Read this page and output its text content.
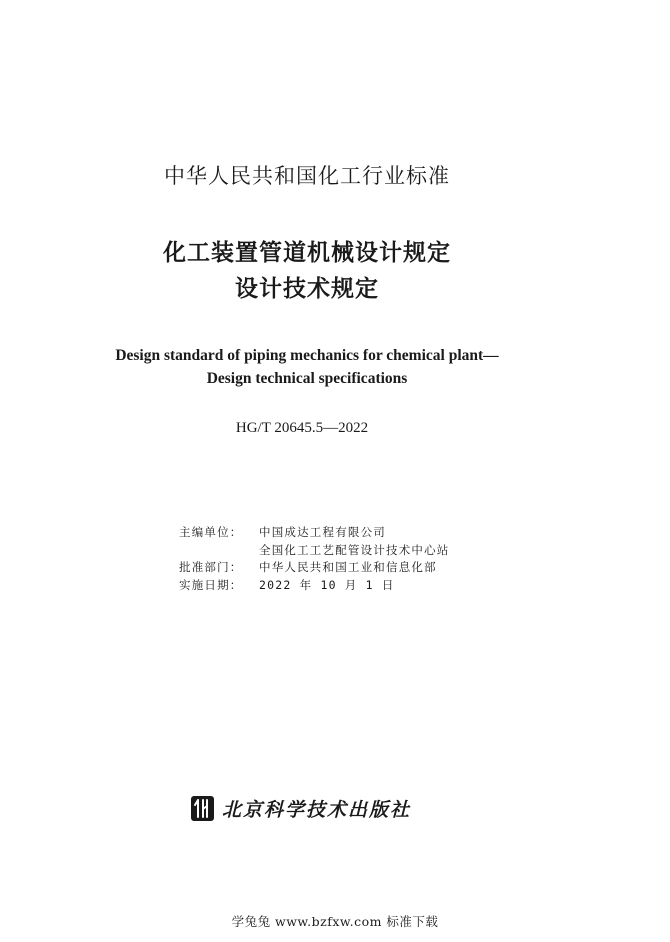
中华人民共和国化工行业标准
化工装置管道机械设计规定
设计技术规定
Design standard of piping mechanics for chemical plant—
Design technical specifications
HG/T 20645.5—2022
主编单位： 中国成达工程有限公司
全国化工工艺配管设计技术中心站
批准部门： 中华人民共和国工业和信息化部
实施日期： 2022 年 10 月 1 日
北京科学技术出版社
学兔兔 www.bzfxw.com 标准下载
